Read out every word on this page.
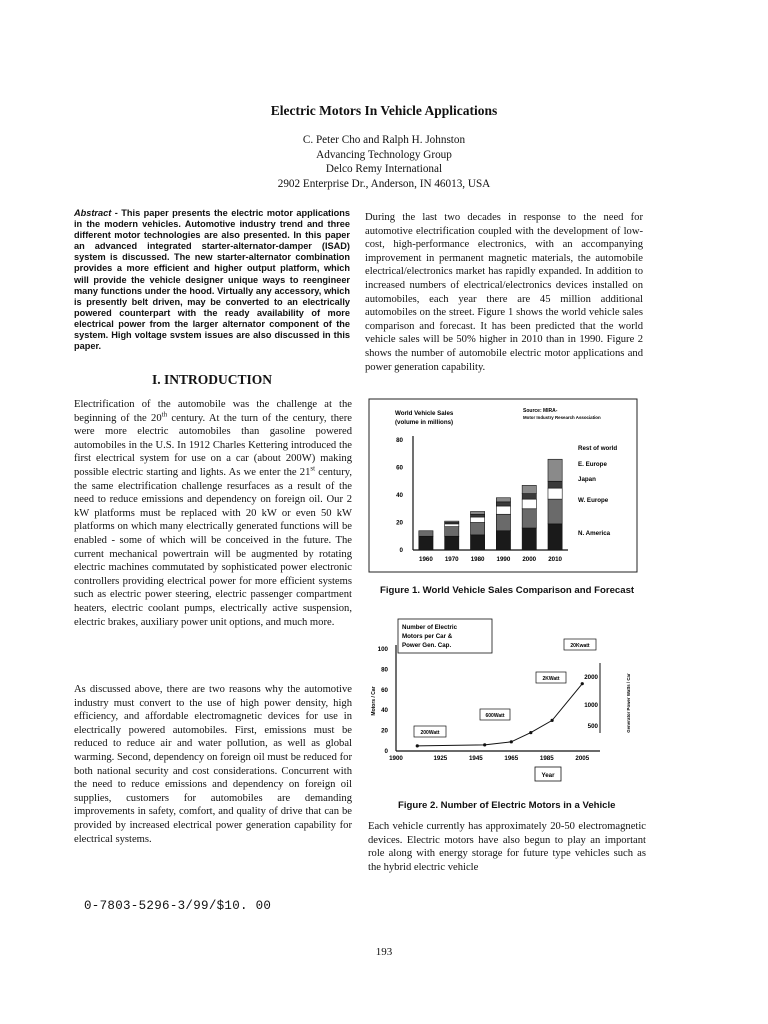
Electric Motors In Vehicle Applications
C. Peter Cho and Ralph H. Johnston
Advancing Technology Group
Delco Remy International
2902 Enterprise Dr., Anderson, IN 46013, USA
Abstract - This paper presents the electric motor applications in the modern vehicles. Automotive industry trend and three different motor technologies are also presented. In this paper an advanced integrated starter-alternator-damper (ISAD) system is discussed. The new starter-alternator combination provides a more efficient and higher output platform, which will provide the vehicle designer unique ways to reengineer many functions under the hood. Virtually any accessory, which is presently belt driven, may be converted to an electrically powered counterpart with the ready availability of more electrical power from the larger alternator component of the system. High voltage svstem issues are also discussed in this paper.
I. INTRODUCTION
Electrification of the automobile was the challenge at the beginning of the 20th century. At the turn of the century, there were more electric automobiles than gasoline powered automobiles in the U.S. In 1912 Charles Kettering introduced the first electrical system for use on a car (about 200W) making possible electric starting and lights. As we enter the 21st century, the same electrification challenge resurfaces as a result of the need to reduce emissions and dependency on foreign oil. Our 2 kW platforms must be replaced with 20 kW or even 50 kW platforms on which many electrically generated functions will be enabled - some of which will be conceived in the future. The current mechanical powertrain will be augmented by rotating electric machines commutated by sophisticated power electronic controllers providing electrical power for more efficient systems such as electric power steering, electric passenger compartment heaters, electric coolant pumps, electrically active suspension, electric brakes, auxiliary power unit options, and much more.
As discussed above, there are two reasons why the automotive industry must convert to the use of high power density, high efficiency, and affordable electromagnetic devices for use in electrically powered automobiles. First, emissions must be reduced to reduce air and water pollution, as well as global warming. Second, dependency on foreign oil must be reduced for both national security and cost considerations. Concurrent with the need to reduce emissions and dependency on foreign oil supplies, customers for automobiles are demanding improvements in safety, comfort, and quality of drive that can be provided by increased electrical power generation capability for electrical systems.
During the last two decades in response to the need for automotive electrification coupled with the development of low-cost, high-performance electronics, with an accompanying improvement in permanent magnetic materials, the automobile electrical/electronics market has rapidly expanded. In addition to increased numbers of electrical/electronics devices installed on automobiles, each year there are 45 million additional automobiles on the street. Figure 1 shows the world vehicle sales comparison and forecast. It has been predicted that the world vehicle sales will be 50% higher in 2010 than in 1990. Figure 2 shows the number of automobile electric motor applications and power generation capability.
World Vehicle Sales
(volume in millions)
Source: MIRA-
Motor Industry Research Association
0
20
40
60
80
1960 1970 1980 1990 2000 2010
Rest of world
E. Europe
Japan
W. Europe
N. America
Figure 1. World Vehicle Sales Comparison and Forecast
0
20
40
60
80
100
500
1000
2000
1900	1925	1945	1965	1985	2005
Motors / Car	Generator Power Watts / Car
Number of Electric
Motors per Car &
Power Gen. Cap.
Year
200Watt
600Watt
2KWatt
20Kwatt
Figure 2. Number of Electric Motors in a Vehicle
Each vehicle currently has approximately 20-50 electromagnetic devices. Electric motors have also begun to play an important role along with energy storage for future type vehicles such as the hybrid electric vehicle
0-7803-5296-3/99/$10. 00
193
